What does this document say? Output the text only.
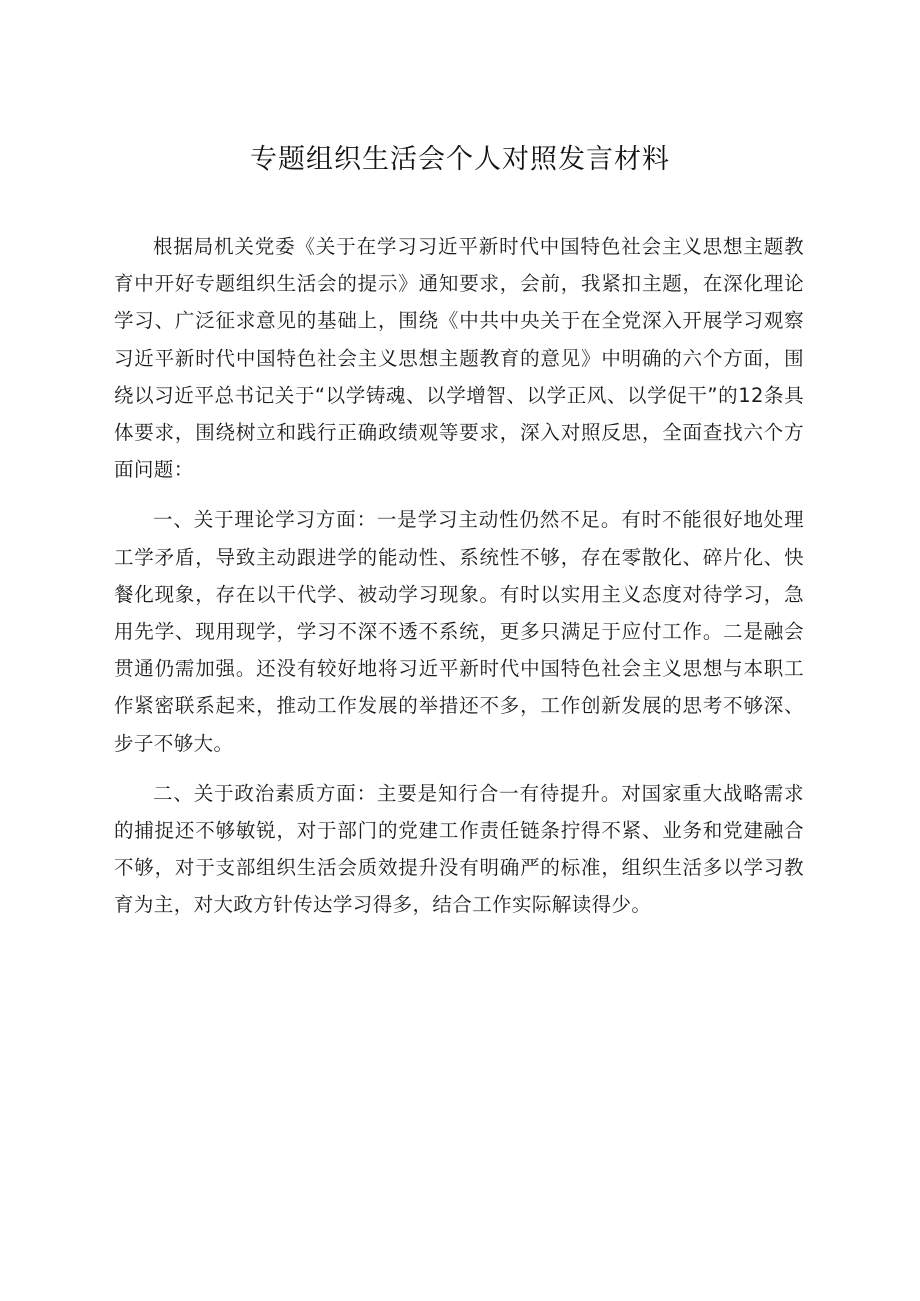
专题组织生活会个人对照发言材料

根据局机关党委《关于在学习习近平新时代中国特色社会主义思想主题教育中开好专题组织生活会的提示》通知要求，会前，我紧扣主题，在深化理论学习、广泛征求意见的基础上，围绕《中共中央关于在全党深入开展学习观察习近平新时代中国特色社会主义思想主题教育的意见》中明确的六个方面，围绕以习近平总书记关于“以学铸魂、以学增智、以学正风、以学促干”的12条具体要求，围绕树立和践行正确政绩观等要求，深入对照反思，全面查找六个方面问题：

一、关于理论学习方面：一是学习主动性仍然不足。有时不能很好地处理工学矛盾，导致主动跟进学的能动性、系统性不够，存在零散化、碎片化、快餐化现象，存在以干代学、被动学习现象。有时以实用主义态度对待学习，急用先学、现用现学，学习不深不透不系统，更多只满足于应付工作。二是融会贯通仍需加强。还没有较好地将习近平新时代中国特色社会主义思想与本职工作紧密联系起来，推动工作发展的举措还不多，工作创新发展的思考不够深、步子不够大。

二、关于政治素质方面：主要是知行合一有待提升。对国家重大战略需求的捕捉还不够敏锐，对于部门的党建工作责任链条拧得不紧、业务和党建融合不够，对于支部组织生活会质效提升没有明确严的标准，组织生活多以学习教育为主，对大政方针传达学习得多，结合工作实际解读得少。
